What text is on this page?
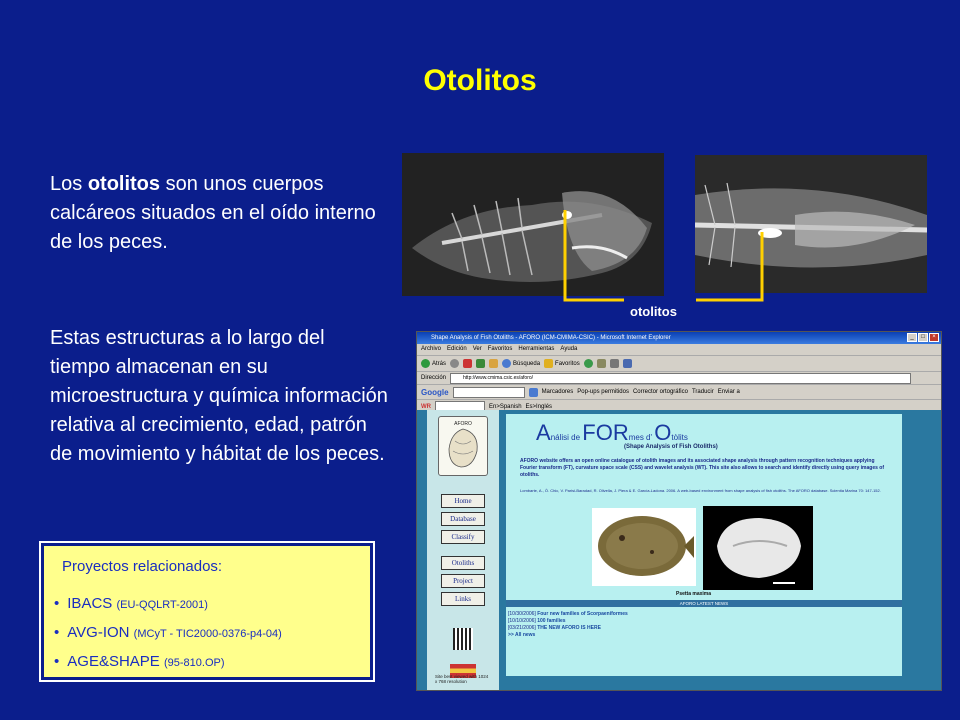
Otolitos
Los otolitos son unos cuerpos calcáreos situados en el oído interno de los peces.
Estas estructuras a lo largo del tiempo almacenan en su microestructura y química información relativa al crecimiento, edad, patrón de movimiento y hábitat de los peces.
otolitos
Proyectos relacionados:
• IBACS (EU-QQLRT-2001)
• AVG-ION (MCyT - TIC2000-0376-p4-04)
• AGE&SHAPE (95-810.OP)
Shape Analysis of Fish Otoliths - AFORO (ICM-CMIMA-CSIC) - Microsoft Internet Explorer	_	□	×
Archivo Edición Ver Favoritos Herramientas Ayuda
Atrás	Búsqueda	Favoritos
Dirección	http://www.cmima.csic.es/aforo/
Google	Marcadores Pop-ups permitidos Corrector ortográfico Traducir Enviar a
WR	En>Spanish Es>Inglés
AFORO
Home
Database
Classify
Otoliths
Project
Links
Site best viewed with 1024 x 768 resolution
Análisi de FORmes d' Otòlits
(Shape Analysis of Fish Otoliths)
AFORO website offers an open online catalogue of otolith images and its associated shape analysis through pattern recognition techniques applying Fourier transform (FT), curvature space scale (CSS) and wavelet analysis (WT). This site also allows to search and identify directly using query images of otoliths.
Lombarte, A., Ò. Chic, V. Parisi-Baradad, R. Olivella, J. Piera & E. García-Ladona. 2006. A web-based environment from shape analysis of fish otoliths. The AFORO database. Scientia Marina 70: 147-152.
Psetta maxima
AFORO LATEST NEWS
[10/30/2006] Four new families of Scorpaeniformes
[10/10/2006] 100 families
[03/21/2006] THE NEW AFORO IS HERE
>> All news
